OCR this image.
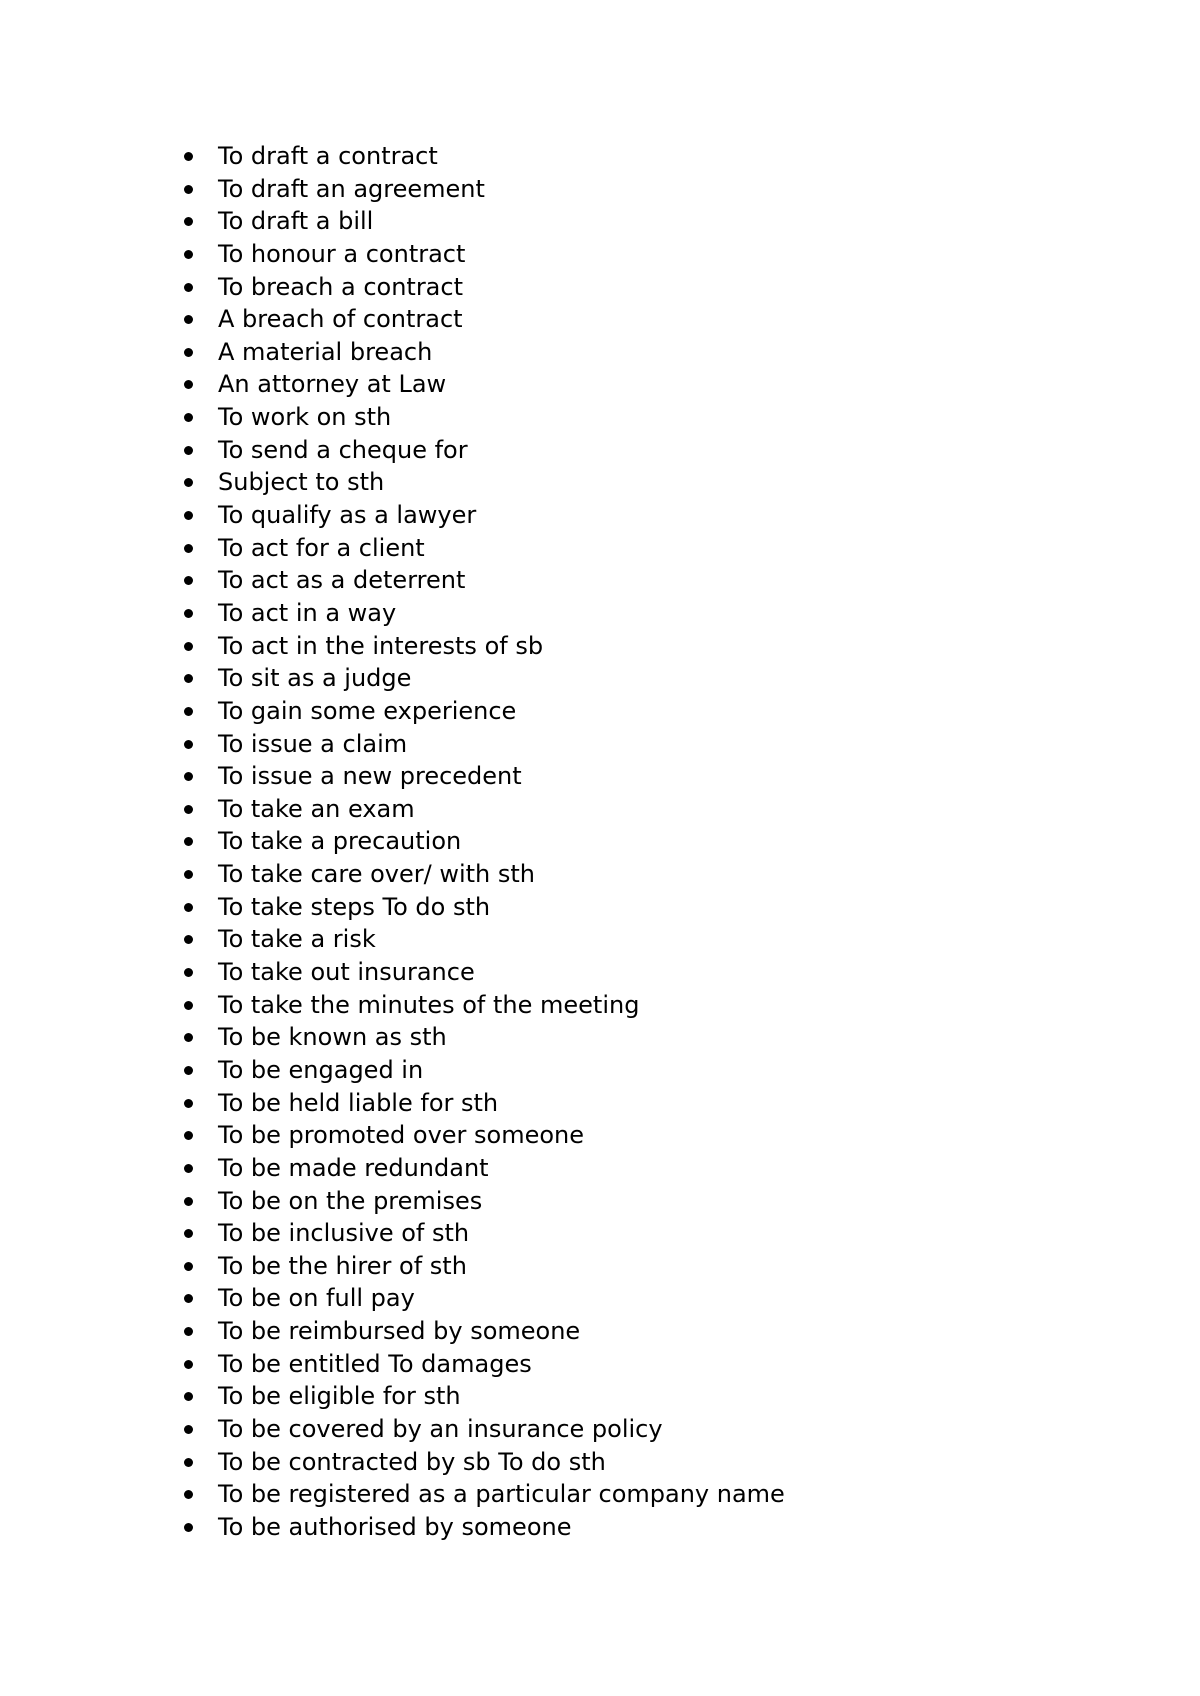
To draft a contract
To draft an agreement
To draft a bill
To honour a contract
To breach a contract
A breach of contract
A material breach
An attorney at Law
To work on sth
To send a cheque for
Subject to sth
To qualify as a lawyer
To act for a client
To act as a deterrent
To act in a way
To act in the interests of sb
To sit as a judge
To gain some experience
To issue a claim
To issue a new precedent
To take an exam
To take a precaution
To take care over/ with sth
To take steps To do sth
To take a risk
To take out insurance
To take the minutes of the meeting
To be known as sth
To be engaged in
To be held liable for sth
To be promoted over someone
To be made redundant
To be on the premises
To be inclusive of sth
To be the hirer of sth
To be on full pay
To be reimbursed by someone
To be entitled To damages
To be eligible for sth
To be covered by an insurance policy
To be contracted by sb To do sth
To be registered as a particular company name
To be authorised by someone
